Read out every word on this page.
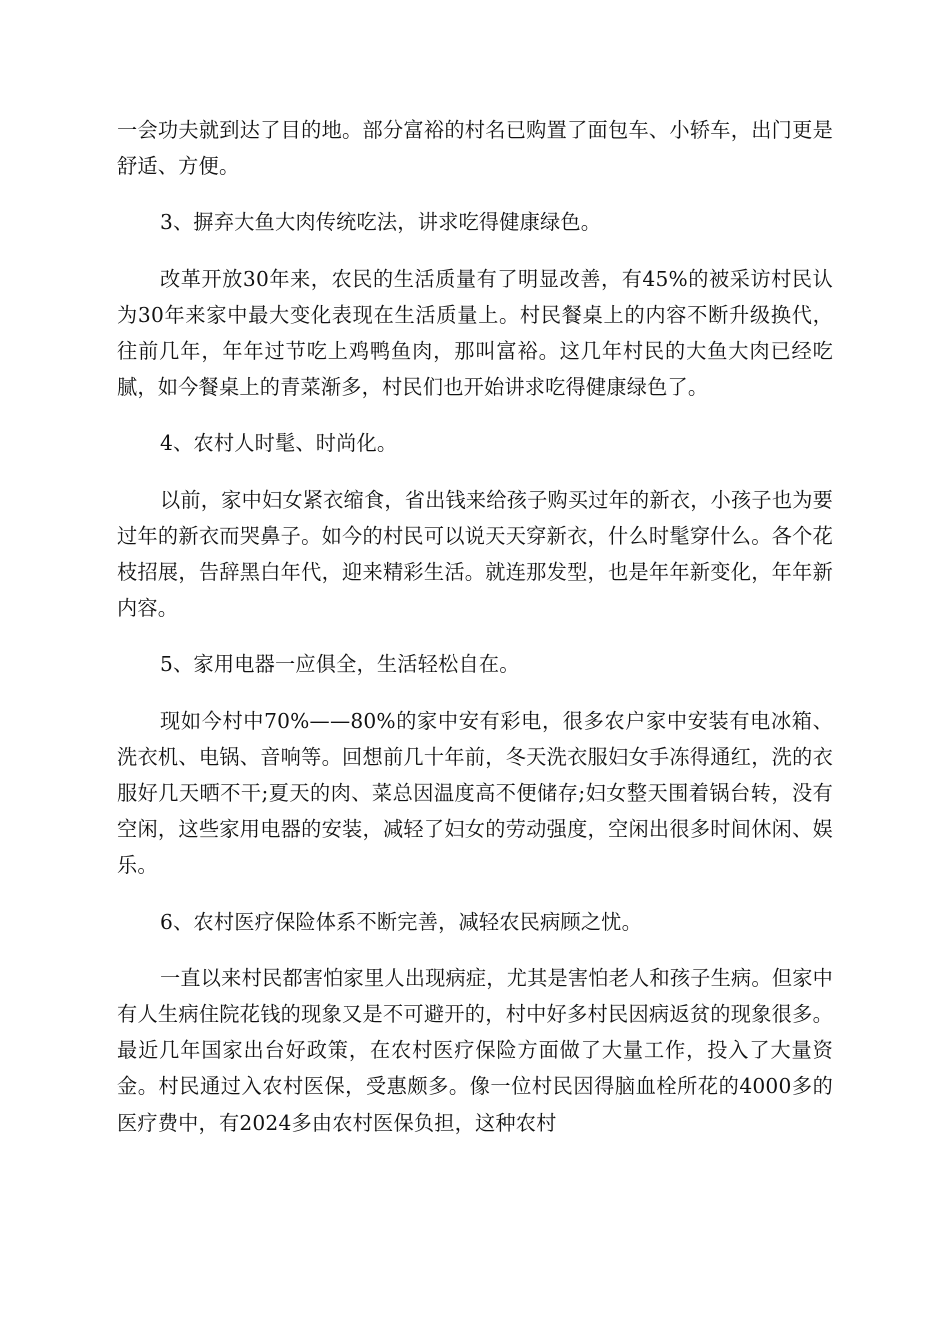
一会功夫就到达了目的地。部分富裕的村名已购置了面包车、小轿车，出门更是舒适、方便。

3、摒弃大鱼大肉传统吃法，讲求吃得健康绿色。

改革开放30年来，农民的生活质量有了明显改善，有45%的被采访村民认为30年来家中最大变化表现在生活质量上。村民餐桌上的内容不断升级换代，往前几年，年年过节吃上鸡鸭鱼肉，那叫富裕。这几年村民的大鱼大肉已经吃腻，如今餐桌上的青菜渐多，村民们也开始讲求吃得健康绿色了。

4、农村人时髦、时尚化。

以前，家中妇女紧衣缩食，省出钱来给孩子购买过年的新衣，小孩子也为要过年的新衣而哭鼻子。如今的村民可以说天天穿新衣，什么时髦穿什么。各个花枝招展，告辞黑白年代，迎来精彩生活。就连那发型，也是年年新变化，年年新内容。

5、家用电器一应俱全，生活轻松自在。

现如今村中70%——80%的家中安有彩电，很多农户家中安装有电冰箱、洗衣机、电锅、音响等。回想前几十年前，冬天洗衣服妇女手冻得通红，洗的衣服好几天晒不干;夏天的肉、菜总因温度高不便储存;妇女整天围着锅台转，没有空闲，这些家用电器的安装，减轻了妇女的劳动强度，空闲出很多时间休闲、娱乐。

6、农村医疗保险体系不断完善，减轻农民病顾之忧。

一直以来村民都害怕家里人出现病症，尤其是害怕老人和孩子生病。但家中有人生病住院花钱的现象又是不可避开的，村中好多村民因病返贫的现象很多。最近几年国家出台好政策，在农村医疗保险方面做了大量工作，投入了大量资金。村民通过入农村医保，受惠颇多。像一位村民因得脑血栓所花的4000多的医疗费中，有2024多由农村医保负担，这种农村
